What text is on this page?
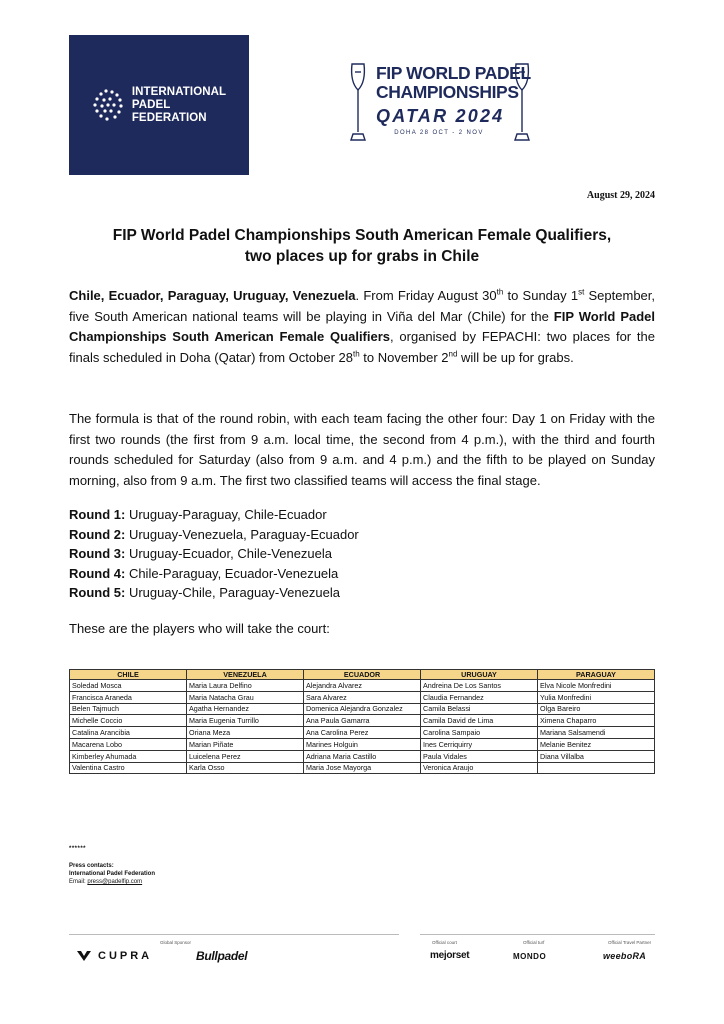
INTERNATIONAL
PADEL
FEDERATION
FIP WORLD PADEL
CHAMPIONSHIPS
QATAR 2024
DOHA 28 OCT - 2 NOV
August 29, 2024
FIP World Padel Championships South American Female Qualifiers,
two places up for grabs in Chile
Chile, Ecuador, Paraguay, Uruguay, Venezuela. From Friday August 30th to Sunday 1st September, five South American national teams will be playing in Viña del Mar (Chile) for the FIP World Padel Championships South American Female Qualifiers, organised by FEPACHI: two places for the finals scheduled in Doha (Qatar) from October 28th to November 2nd will be up for grabs.
The formula is that of the round robin, with each team facing the other four: Day 1 on Friday with the first two rounds (the first from 9 a.m. local time, the second from 4 p.m.), with the third and fourth rounds scheduled for Saturday (also from 9 a.m. and 4 p.m.) and the fifth to be played on Sunday morning, also from 9 a.m. The first two classified teams will access the final stage.
Round 1: Uruguay-Paraguay, Chile-Ecuador
Round 2: Uruguay-Venezuela, Paraguay-Ecuador
Round 3: Uruguay-Ecuador, Chile-Venezuela
Round 4: Chile-Paraguay, Ecuador-Venezuela
Round 5: Uruguay-Chile, Paraguay-Venezuela
These are the players who will take the court:
CHILE	VENEZUELA	ECUADOR	URUGUAY	PARAGUAY
Soledad Mosca	Maria Laura Delfino	Alejandra Alvarez	Andreina De Los Santos	Elva Nicole Monfredini
Francisca Araneda	Maria Natacha Grau	Sara Alvarez	Claudia Fernandez	Yulia Monfredini
Belen Tajmuch	Agatha Hernandez	Domenica Alejandra Gonzalez	Camila Belassi	Olga Bareiro
Michelle Coccio	Maria Eugenia Turrillo	Ana Paula Gamarra	Camila David de Lima	Ximena Chaparro
Catalina Arancibia	Oriana Meza	Ana Carolina Perez	Carolina Sampaio	Mariana Salsamendi
Macarena Lobo	Marian Piñate	Marines Holguin	Ines Cerriquirry	Melanie Benitez
Kimberley Ahumada	Luicelena Perez	Adriana Maria Castillo	Paula Vidales	Diana Villalba
Valentina Castro	Karla Osso	Maria Jose Mayorga	Veronica Araujo	
******
Press contacts:
International Padel Federation
Email: press@padelfip.com
Global Sponsor	Official court	Official turf	Official Travel Partner
CUPRA	Bullpadel	mejorset	MONDO	weeboRA
